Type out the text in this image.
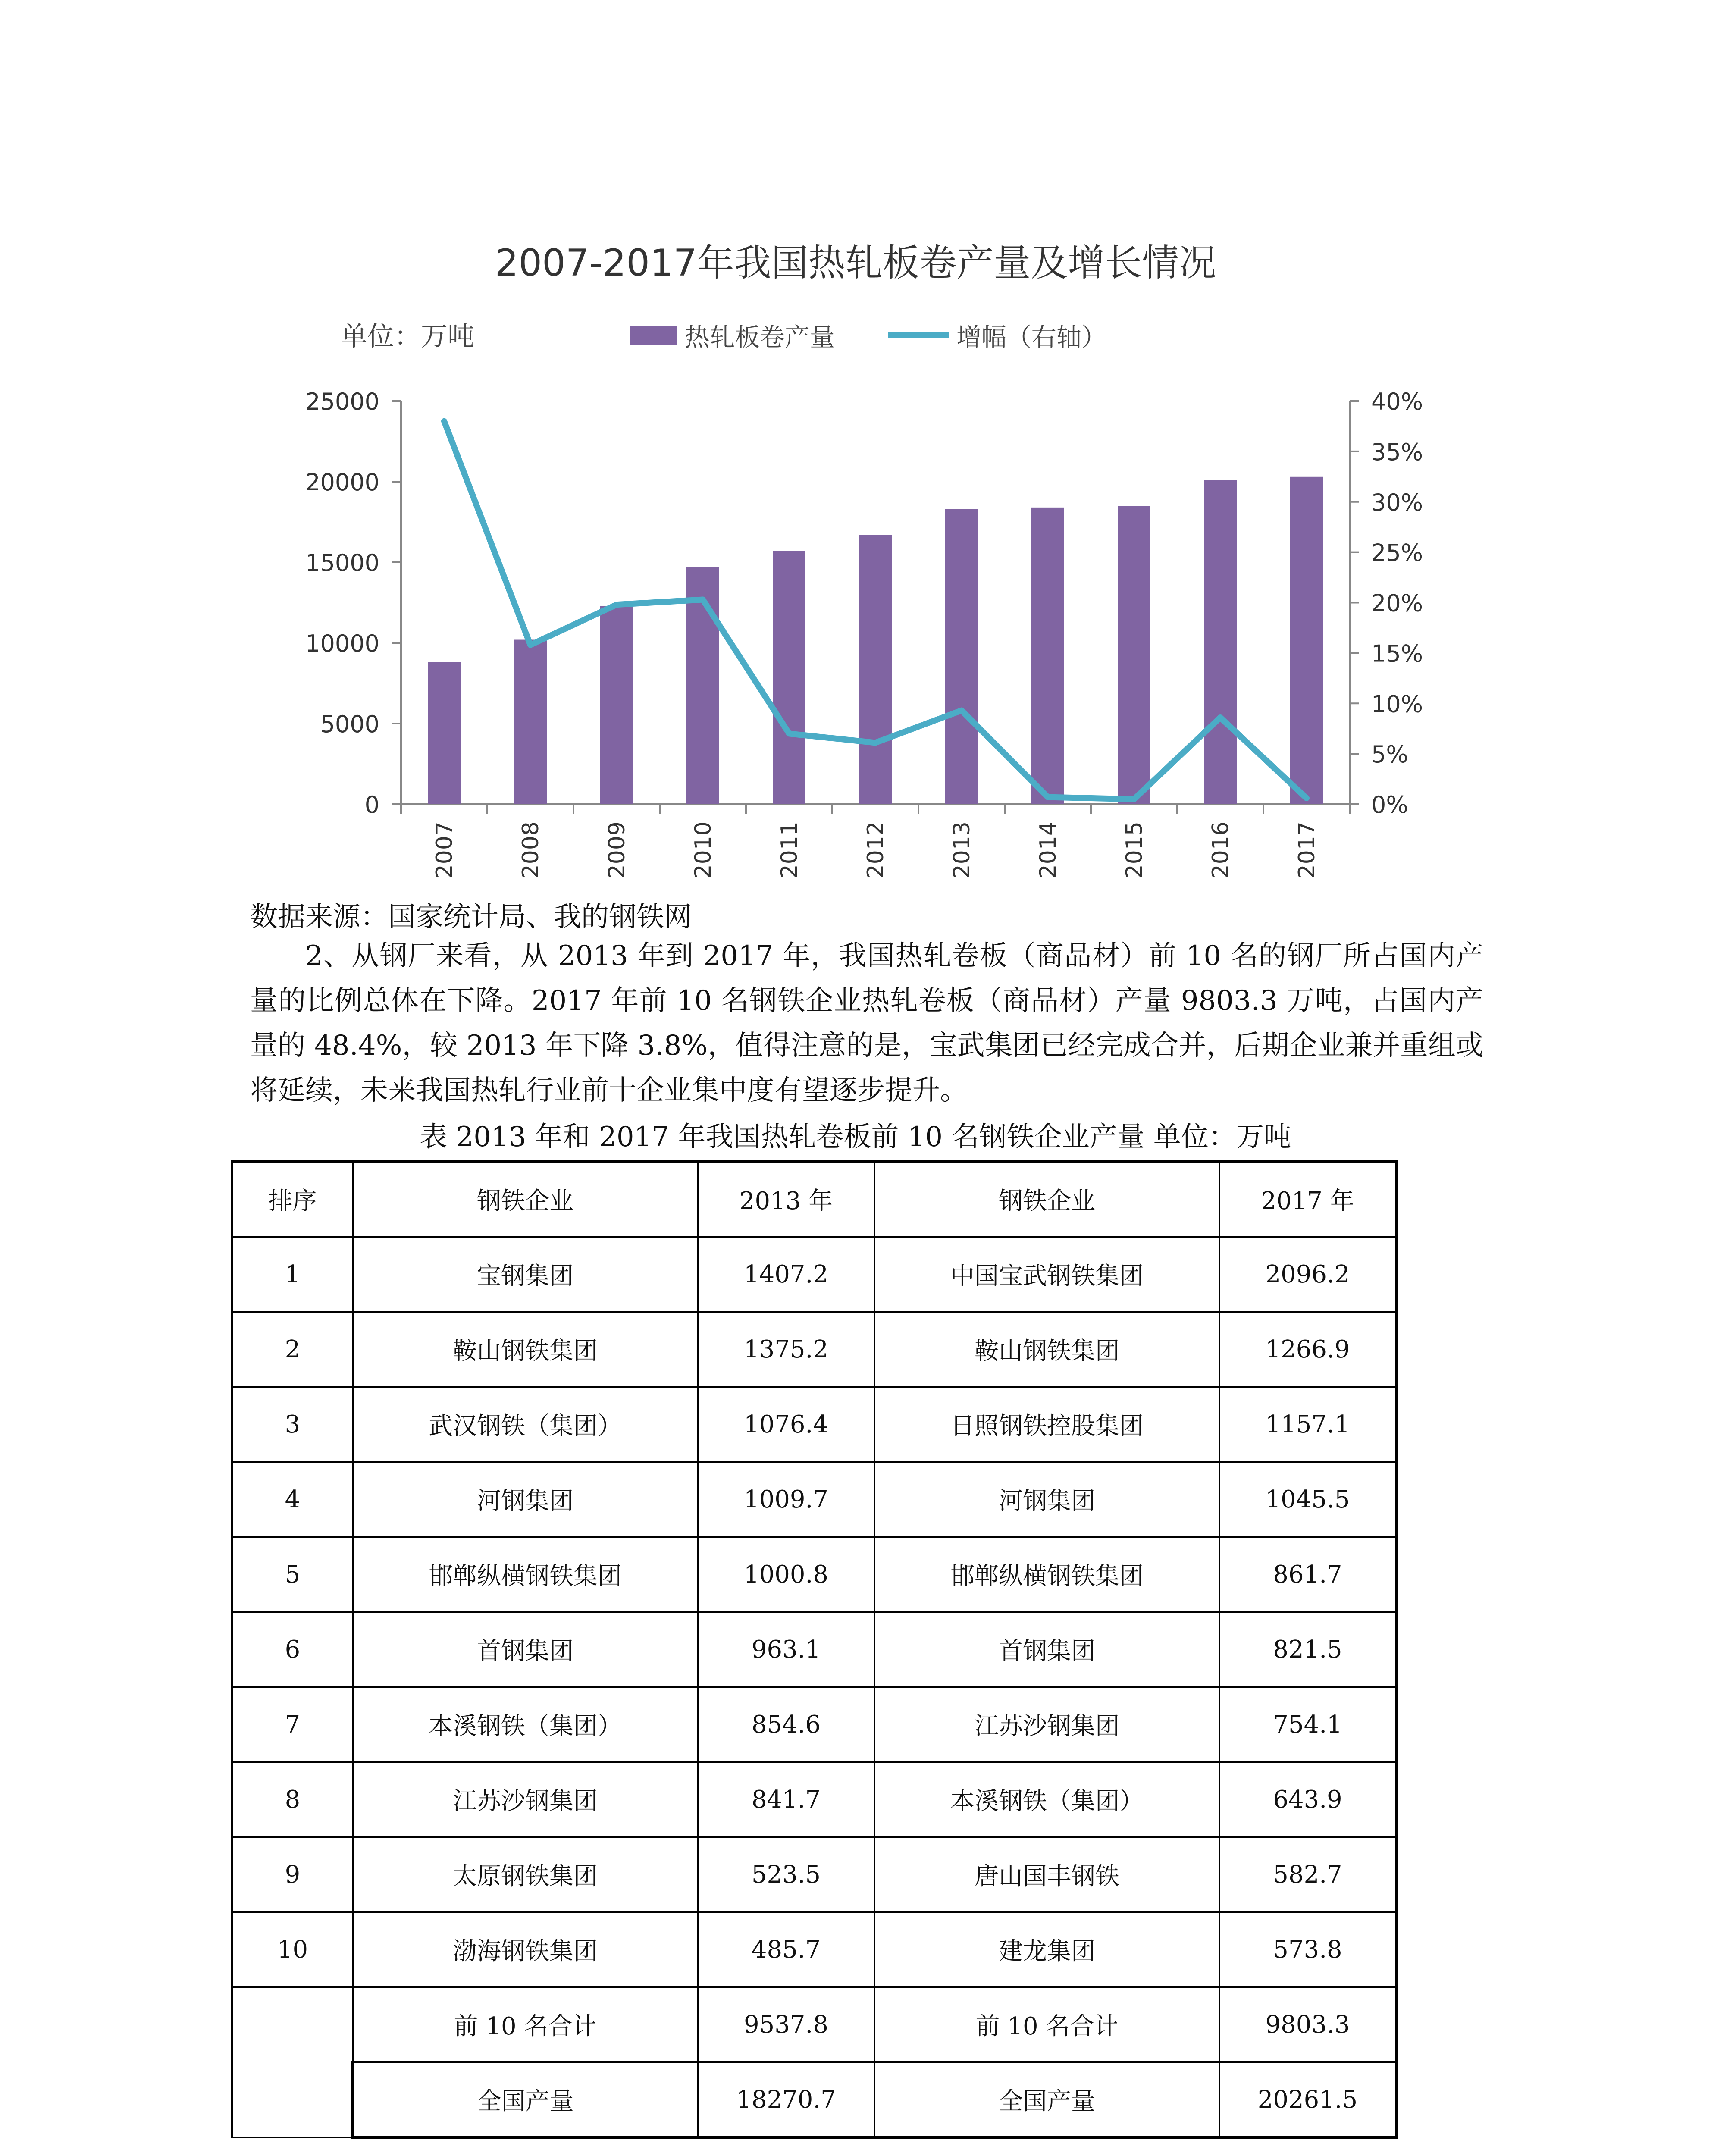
0
5000
10000
15000
20000
25000
0%
5%
10%
15%
20%
25%
30%
35%
40%
2007	2008	2009	2010	2011	2012	2013	2014	2015	2016	2017
2007-2017年我国热轧板卷产量及增长情况
单位：万吨	热轧板卷产量	增幅（右轴）
数据来源：国家统计局、我的钢铁网
2、从钢厂来看，从 2013 年到 2017 年，我国热轧卷板（商品材）前 10 名的钢厂所占国内产量的比例总体在下降。2017 年前 10 名钢铁企业热轧卷板（商品材）产量 9803.3 万吨，占国内产量的 48.4%，较 2013 年下降 3.8%，值得注意的是，宝武集团已经完成合并，后期企业兼并重组或将延续，未来我国热轧行业前十企业集中度有望逐步提升。
表 2013 年和 2017 年我国热轧卷板前 10 名钢铁企业产量 单位：万吨
排序	钢铁企业	2013 年	钢铁企业	2017 年
1	宝钢集团	1407.2	中国宝武钢铁集团	2096.2
2	鞍山钢铁集团	1375.2	鞍山钢铁集团	1266.9
3	武汉钢铁（集团）	1076.4	日照钢铁控股集团	1157.1
4	河钢集团	1009.7	河钢集团	1045.5
5	邯郸纵横钢铁集团	1000.8	邯郸纵横钢铁集团	861.7
6	首钢集团	963.1	首钢集团	821.5
7	本溪钢铁（集团）	854.6	江苏沙钢集团	754.1
8	江苏沙钢集团	841.7	本溪钢铁（集团）	643.9
9	太原钢铁集团	523.5	唐山国丰钢铁	582.7
10	渤海钢铁集团	485.7	建龙集团	573.8
	前 10 名合计	9537.8	前 10 名合计	9803.3
	全国产量	18270.7	全国产量	20261.5
